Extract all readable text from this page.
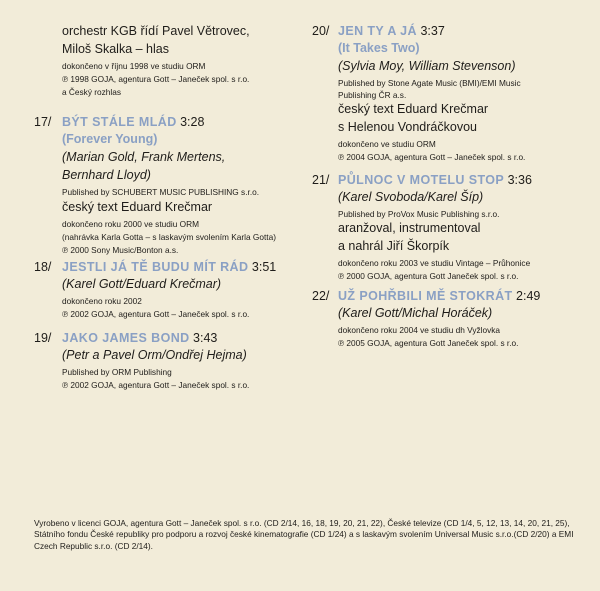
orchestr KGB řídí Pavel Větrovec,
Miloš Skalka – hlas
dokončeno v říjnu 1998 ve studiu ORM
℗ 1998 GOJA, agentura Gott – Janeček spol. s r.o.
a Český rozhlas
17/ BÝT STÁLE MLÁD 3:28
(Forever Young)
(Marian Gold, Frank Mertens,
Bernhard Lloyd)
Published by SCHUBERT MUSIC PUBLISHING s.r.o.
český text Eduard Krečmar
dokončeno roku 2000 ve studiu ORM
(nahrávka Karla Gotta – s laskavým svolením Karla Gotta)
℗ 2000 Sony Music/Bonton a.s.
18/ JESTLI JÁ TĚ BUDU MÍT RÁD 3:51
(Karel Gott/Eduard Krečmar)
dokončeno roku 2002
℗ 2002 GOJA, agentura Gott – Janeček spol. s r.o.
19/ JAKO JAMES BOND 3:43
(Petr a Pavel Orm/Ondřej Hejma)
Published by ORM Publishing
℗ 2002 GOJA, agentura Gott – Janeček spol. s r.o.
20/ JEN TY A JÁ 3:37
(It Takes Two)
(Sylvia Moy, William Stevenson)
Published by Stone Agate Music (BMI)/EMI Music
Publishing ČR a.s.
český text Eduard Krečmar
s Helenou Vondráčkovou
dokončeno ve studiu ORM
℗ 2004 GOJA, agentura Gott – Janeček spol. s r.o.
21/ PŮLNOC V MOTELU STOP 3:36
(Karel Svoboda/Karel Šíp)
Published by ProVox Music Publishing s.r.o.
aranžoval, instrumentoval
a nahrál Jiří Škorpík
dokončeno roku 2003 ve studiu Vintage – Průhonice
℗ 2000 GOJA, agentura Gott Janeček spol. s r.o.
22/ UŽ POHŘBILI MĚ STOKRÁT 2:49
(Karel Gott/Michal Horáček)
dokončeno roku 2004 ve studiu dh Vyžlovka
℗ 2005 GOJA, agentura Gott Janeček spol. s r.o.
Vyrobeno v licenci GOJA, agentura Gott – Janeček spol. s r.o. (CD 2/14, 16, 18, 19, 20, 21, 22), České televize (CD 1/4, 5, 12, 13, 14, 20, 21, 25), Státního fondu České republiky pro podporu a rozvoj české kinematografie (CD 1/24) a s laskavým svolením Universal Music s.r.o.(CD 2/20) a EMI Czech Republic s.r.o. (CD 2/14).
